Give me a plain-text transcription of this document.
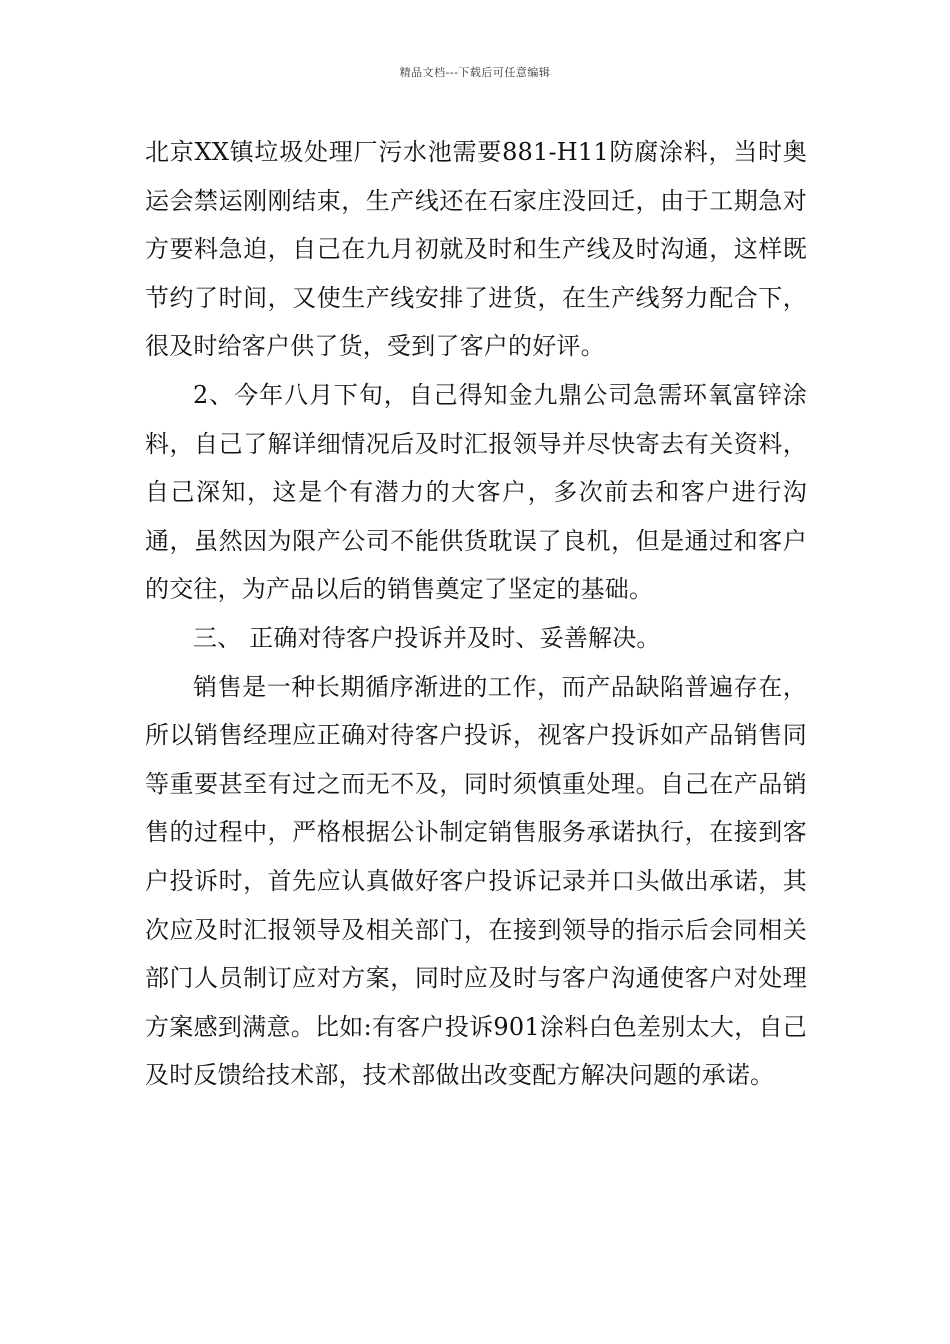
精品文档---下载后可任意编辑

北京XX镇垃圾处理厂污水池需要881-H11防腐涂料，当时奥运会禁运刚刚结束，生产线还在石家庄没回迁，由于工期急对方要料急迫，自己在九月初就及时和生产线及时沟通，这样既节约了时间，又使生产线安排了进货，在生产线努力配合下，很及时给客户供了货，受到了客户的好评。

2、今年八月下旬，自己得知金九鼎公司急需环氧富锌涂料，自己了解详细情况后及时汇报领导并尽快寄去有关资料，自己深知，这是个有潜力的大客户，多次前去和客户进行沟通，虽然因为限产公司不能供货耽误了良机，但是通过和客户的交往，为产品以后的销售奠定了坚定的基础。

三、 正确对待客户投诉并及时、妥善解决。

销售是一种长期循序渐进的工作，而产品缺陷普遍存在，所以销售经理应正确对待客户投诉，视客户投诉如产品销售同等重要甚至有过之而无不及，同时须慎重处理。自己在产品销售的过程中，严格根据公讣制定销售服务承诺执行，在接到客户投诉时，首先应认真做好客户投诉记录并口头做出承诺，其次应及时汇报领导及相关部门，在接到领导的指示后会同相关部门人员制订应对方案，同时应及时与客户沟通使客户对处理方案感到满意。比如:有客户投诉901涂料白色差别太大，自己及时反馈给技术部，技术部做出改变配方解决问题的承诺。
